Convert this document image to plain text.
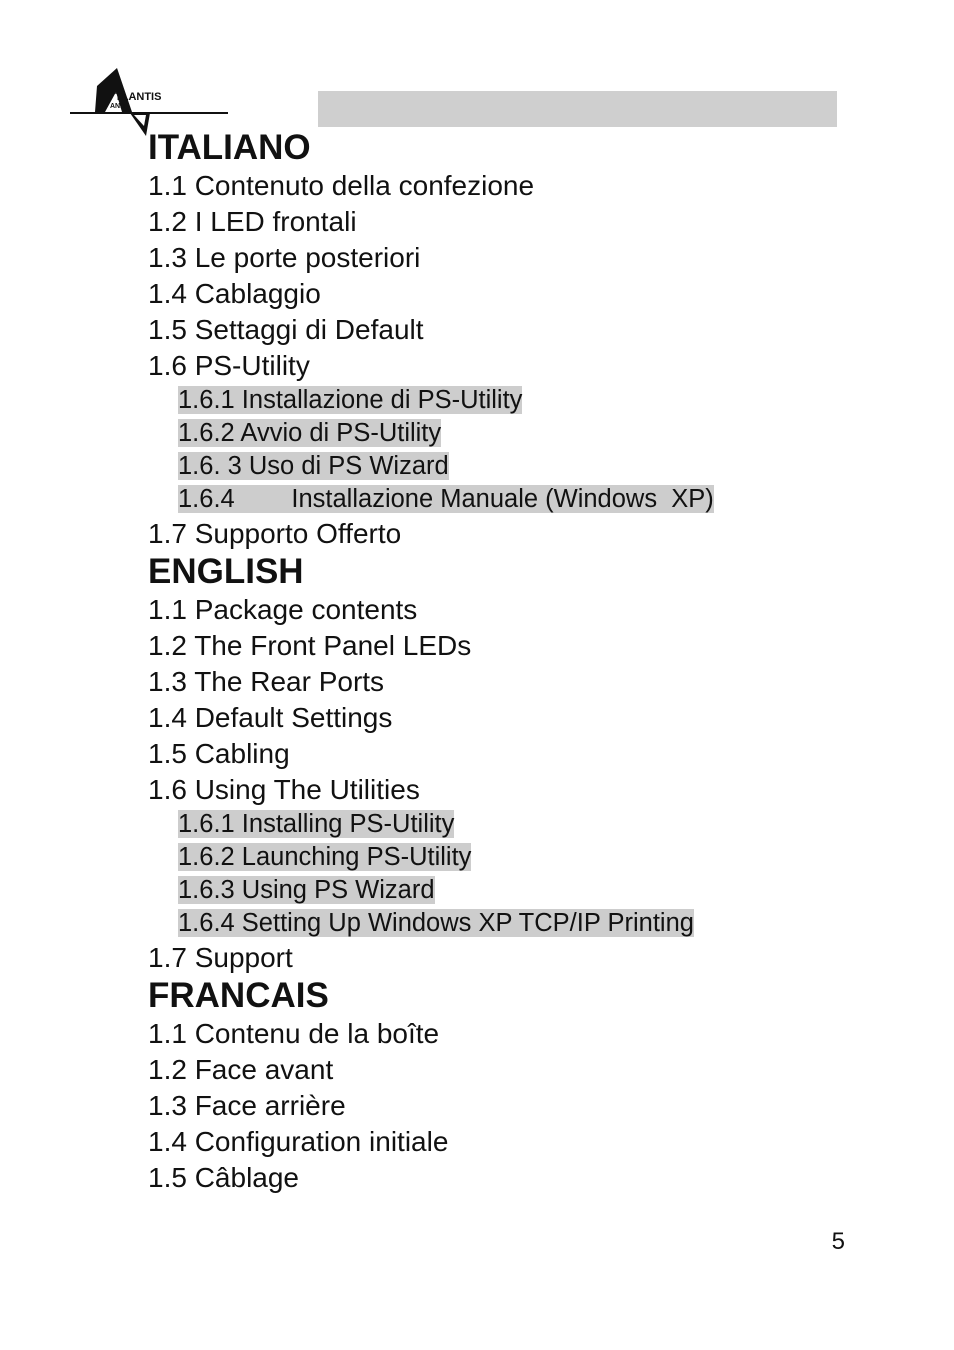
TLANTIS
AND
ITALIANO
1.1 Contenuto della confezione
1.2 I LED frontali
1.3 Le porte posteriori
1.4 Cablaggio
1.5 Settaggi di Default
1.6 PS-Utility
1.6.1 Installazione di PS-Utility
1.6.2 Avvio di PS-Utility
1.6. 3 Uso di PS Wizard
1.6.4        Installazione Manuale (Windows  XP)
1.7 Supporto Offerto
ENGLISH
1.1 Package contents
1.2 The Front Panel LEDs
1.3 The Rear Ports
1.4 Default Settings
1.5 Cabling
1.6 Using The Utilities
1.6.1 Installing PS-Utility
1.6.2 Launching PS-Utility
1.6.3 Using PS Wizard
1.6.4 Setting Up Windows XP TCP/IP Printing
1.7 Support
FRANCAIS
1.1 Contenu de la boîte
1.2 Face avant
1.3 Face arrière
1.4 Configuration initiale
1.5 Câblage
5
